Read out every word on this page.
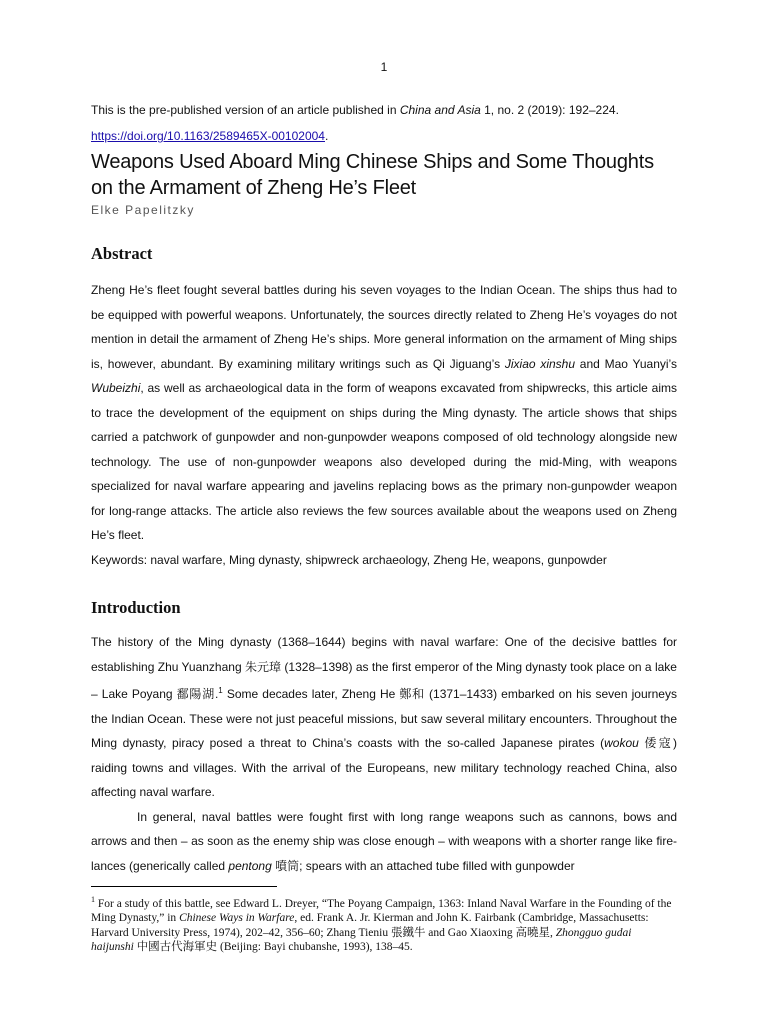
1

This is the pre-published version of an article published in China and Asia 1, no. 2 (2019): 192–224.
https://doi.org/10.1163/2589465X-00102004.

Weapons Used Aboard Ming Chinese Ships and Some Thoughts on the Armament of Zheng He’s Fleet

Elke Papelitzky

Abstract

Zheng He’s fleet fought several battles during his seven voyages to the Indian Ocean. The ships thus had to be equipped with powerful weapons. Unfortunately, the sources directly related to Zheng He’s voyages do not mention in detail the armament of Zheng He’s ships. More general information on the armament of Ming ships is, however, abundant. By examining military writings such as Qi Jiguang’s Jixiao xinshu and Mao Yuanyi’s Wubeizhi, as well as archaeological data in the form of weapons excavated from shipwrecks, this article aims to trace the development of the equipment on ships during the Ming dynasty. The article shows that ships carried a patchwork of gunpowder and non-gunpowder weapons composed of old technology alongside new technology. The use of non-gunpowder weapons also developed during the mid-Ming, with weapons specialized for naval warfare appearing and javelins replacing bows as the primary non-gunpowder weapon for long-range attacks. The article also reviews the few sources available about the weapons used on Zheng He’s fleet.

Keywords: naval warfare, Ming dynasty, shipwreck archaeology, Zheng He, weapons, gunpowder

Introduction

The history of the Ming dynasty (1368–1644) begins with naval warfare: One of the decisive battles for establishing Zhu Yuanzhang 朱元璋 (1328–1398) as the first emperor of the Ming dynasty took place on a lake – Lake Poyang 鄱陽湖.$^1$ Some decades later, Zheng He 鄭和 (1371–1433) embarked on his seven journeys the Indian Ocean. These were not just peaceful missions, but saw several military encounters. Throughout the Ming dynasty, piracy posed a threat to China’s coasts with the so-called Japanese pirates (wokou 倭寇) raiding towns and villages. With the arrival of the Europeans, new military technology reached China, also affecting naval warfare.

In general, naval battles were fought first with long range weapons such as cannons, bows and arrows and then – as soon as the enemy ship was close enough – with weapons with a shorter range like fire-lances (generically called pentong 噴筒; spears with an attached tube filled with gunpowder

$^1$ For a study of this battle, see Edward L. Dreyer, “The Poyang Campaign, 1363: Inland Naval Warfare in the Founding of the Ming Dynasty,” in Chinese Ways in Warfare, ed. Frank A. Jr. Kierman and John K. Fairbank (Cambridge, Massachusetts: Harvard University Press, 1974), 202–42, 356–60; Zhang Tieniu 張鐵牛 and Gao Xiaoxing 高曉星, Zhongguo gudai haijunshi 中國古代海軍史 (Beijing: Bayi chubanshe, 1993), 138–45.
